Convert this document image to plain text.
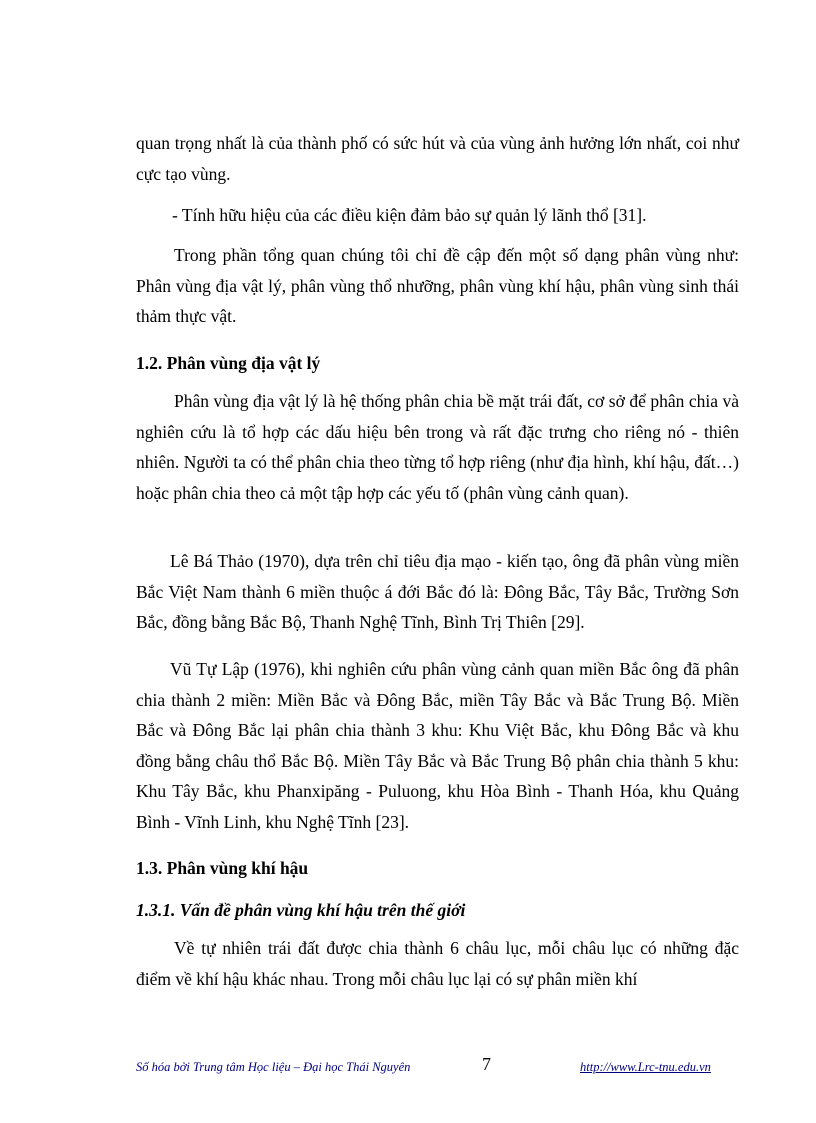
quan trọng nhất là của thành phố có sức hút và của vùng ảnh hưởng lớn nhất, coi như cực tạo vùng.

- Tính hữu hiệu của các điều kiện đảm bảo sự quản lý lãnh thổ [31].

Trong phần tổng quan chúng tôi chỉ đề cập đến một số dạng phân vùng như: Phân vùng địa vật lý, phân vùng thổ nhưỡng, phân vùng khí hậu, phân vùng sinh thái thảm thực vật.

1.2. Phân vùng địa vật lý

Phân vùng địa vật lý là hệ thống phân chia bề mặt trái đất, cơ sở để phân chia và nghiên cứu là tổ hợp các dấu hiệu bên trong và rất đặc trưng cho riêng nó - thiên nhiên. Người ta có thể phân chia theo từng tổ hợp riêng (như địa hình, khí hậu, đất…) hoặc phân chia theo cả một tập hợp các yếu tố (phân vùng cảnh quan).

Lê Bá Thảo (1970), dựa trên chỉ tiêu địa mạo - kiến tạo, ông đã phân vùng miền Bắc Việt Nam thành 6 miền thuộc á đới Bắc đó là: Đông Bắc, Tây Bắc, Trường Sơn Bắc, đồng bằng Bắc Bộ, Thanh Nghệ Tĩnh, Bình Trị Thiên [29].

Vũ Tự Lập (1976), khi nghiên cứu phân vùng cảnh quan miền Bắc ông đã phân chia thành 2 miền: Miền Bắc và Đông Bắc, miền Tây Bắc và Bắc Trung Bộ. Miền Bắc và Đông Bắc lại phân chia thành 3 khu: Khu Việt Bắc, khu Đông Bắc và khu đồng bằng châu thổ Bắc Bộ. Miền Tây Bắc và Bắc Trung Bộ phân chia thành 5 khu: Khu Tây Bắc, khu Phanxipăng - Puluong, khu Hòa Bình - Thanh Hóa, khu Quảng Bình - Vĩnh Linh, khu Nghệ Tĩnh [23].

1.3. Phân vùng khí hậu
1.3.1. Vấn đề phân vùng khí hậu trên thế giới

Về tự nhiên trái đất được chia thành 6 châu lục, mỗi châu lục có những đặc điểm về khí hậu khác nhau. Trong mỗi châu lục lại có sự phân miền khí

Số hóa bởi Trung tâm Học liệu – Đại học Thái Nguyên	7	http://www.Lrc-tnu.edu.vn
